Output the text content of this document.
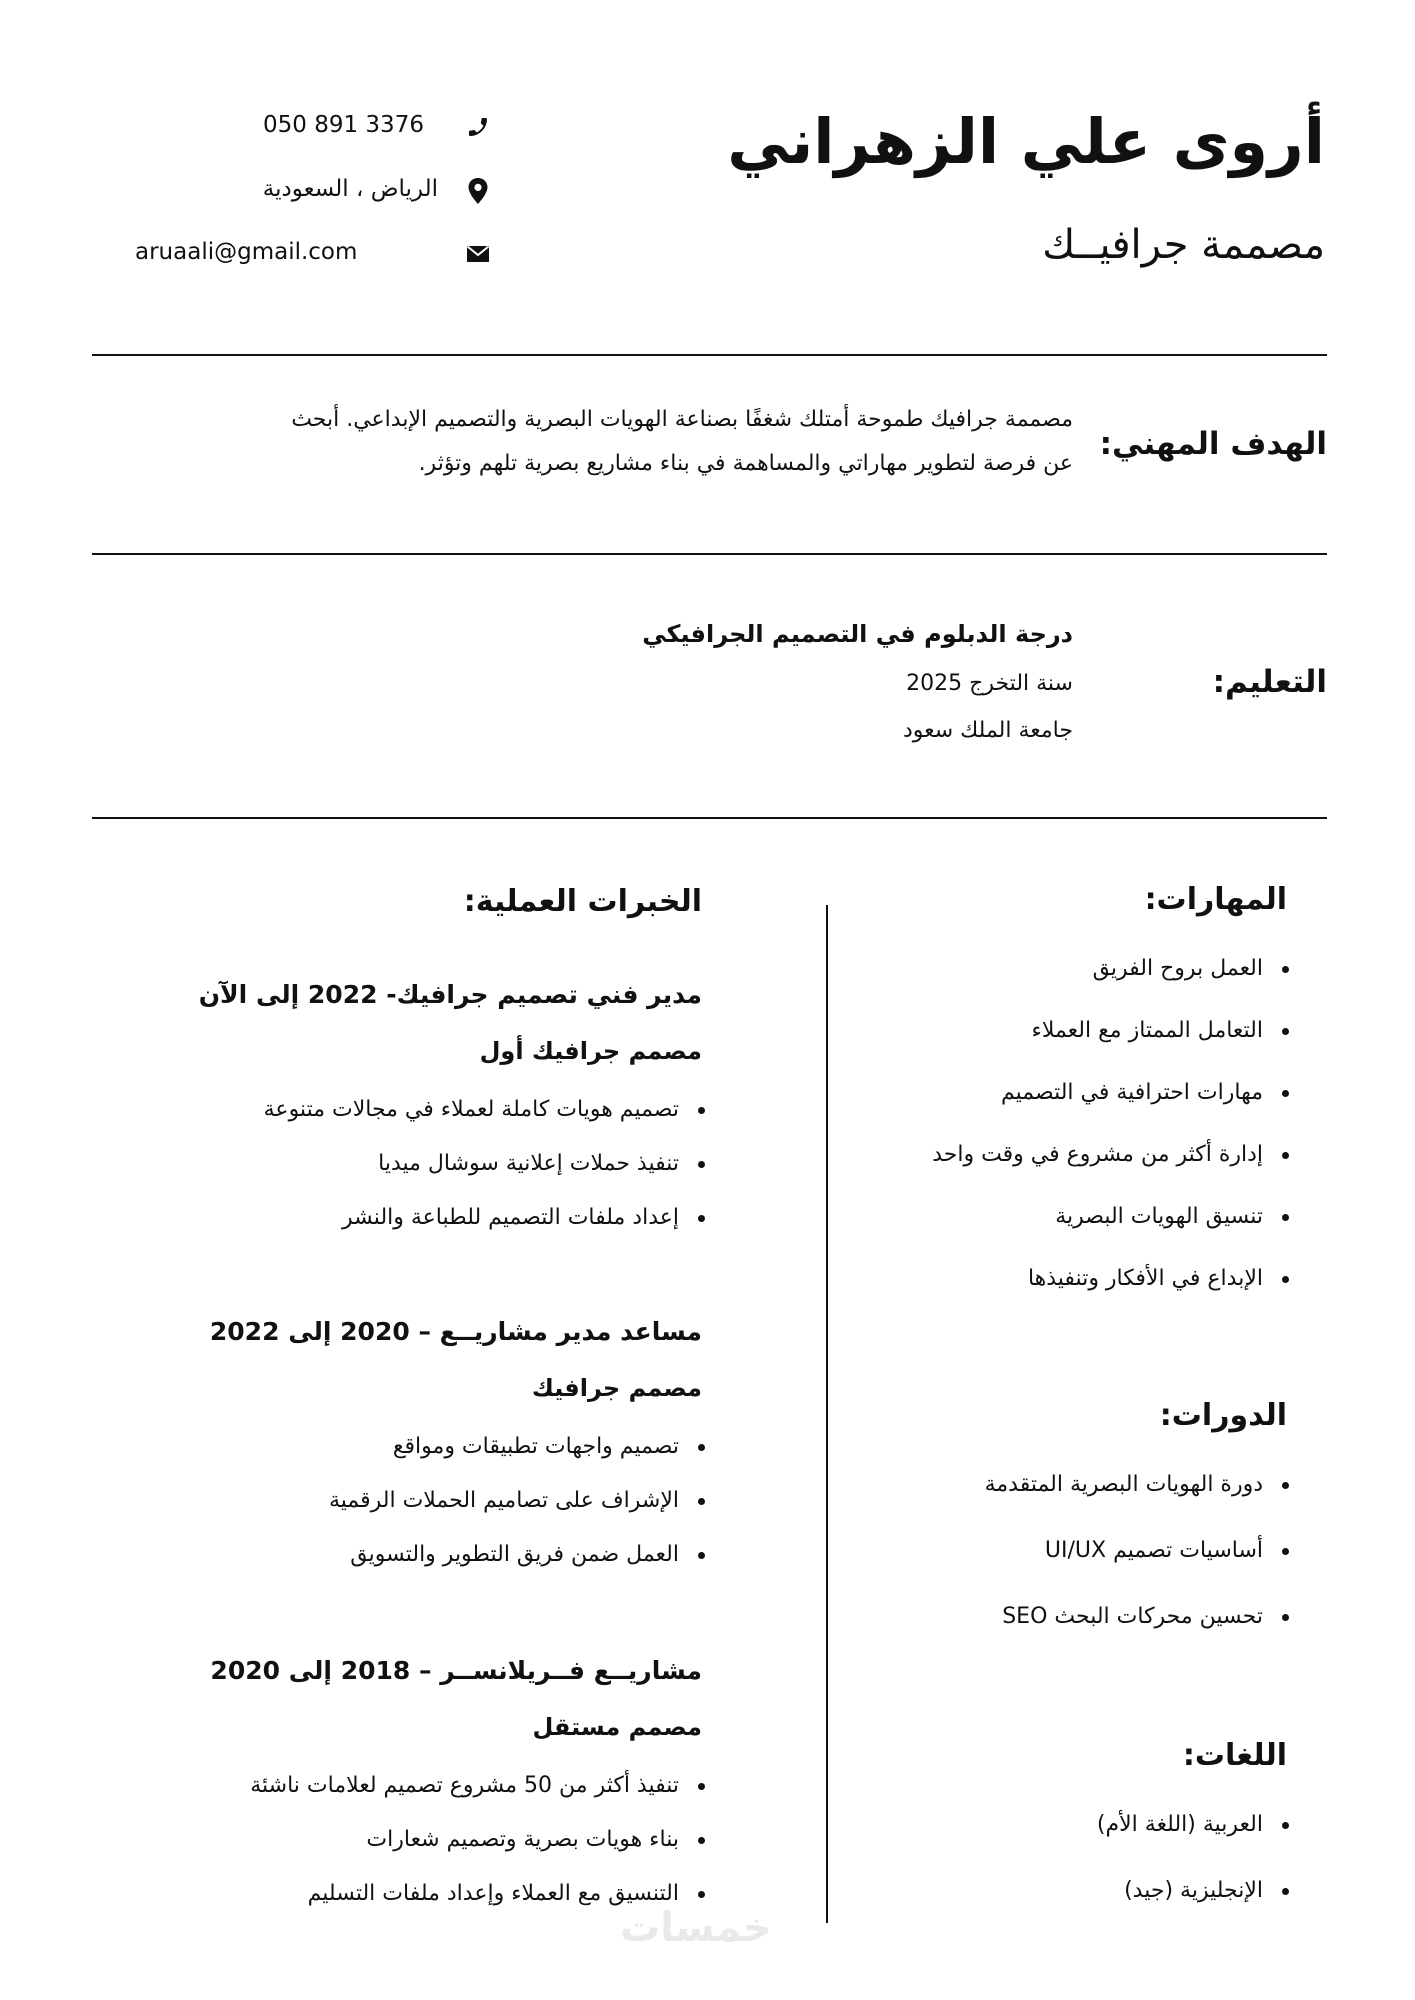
أروى علي الزهراني
مصممة جرافيــك
050 891 3376
الرياض ، السعودية
aruaali@gmail.com
الهدف المهني:
مصممة جرافيك طموحة أمتلك شغفًا بصناعة الهويات البصرية والتصميم الإبداعي. أبحث
عن فرصة لتطوير مهاراتي والمساهمة في بناء مشاريع بصرية تلهم وتؤثر.
التعليم:
درجة الدبلوم في التصميم الجرافيكي
سنة التخرج 2025
جامعة الملك سعود
المهارات:
العمل بروح الفريق
التعامل الممتاز مع العملاء
مهارات احترافية في التصميم
إدارة أكثر من مشروع في وقت واحد
تنسيق الهويات البصرية
الإبداع في الأفكار وتنفيذها
الدورات:
دورة الهويات البصرية المتقدمة
أساسيات تصميم UI/UX
تحسين محركات البحث SEO
اللغات:
العربية (اللغة الأم)
الإنجليزية (جيد)
الخبرات العملية:
مدير فني تصميم جرافيك- 2022 إلى الآن
مصمم جرافيك أول
تصميم هويات كاملة لعملاء في مجالات متنوعة
تنفيذ حملات إعلانية سوشال ميديا
إعداد ملفات التصميم للطباعة والنشر
مساعد مدير مشاريــع – 2020 إلى 2022
مصمم جرافيك
تصميم واجهات تطبيقات ومواقع
الإشراف على تصاميم الحملات الرقمية
العمل ضمن فريق التطوير والتسويق
مشاريــع فــريلانســر – 2018 إلى 2020
مصمم مستقل
تنفيذ أكثر من 50 مشروع تصميم لعلامات ناشئة
بناء هويات بصرية وتصميم شعارات
التنسيق مع العملاء وإعداد ملفات التسليم
خمسات
